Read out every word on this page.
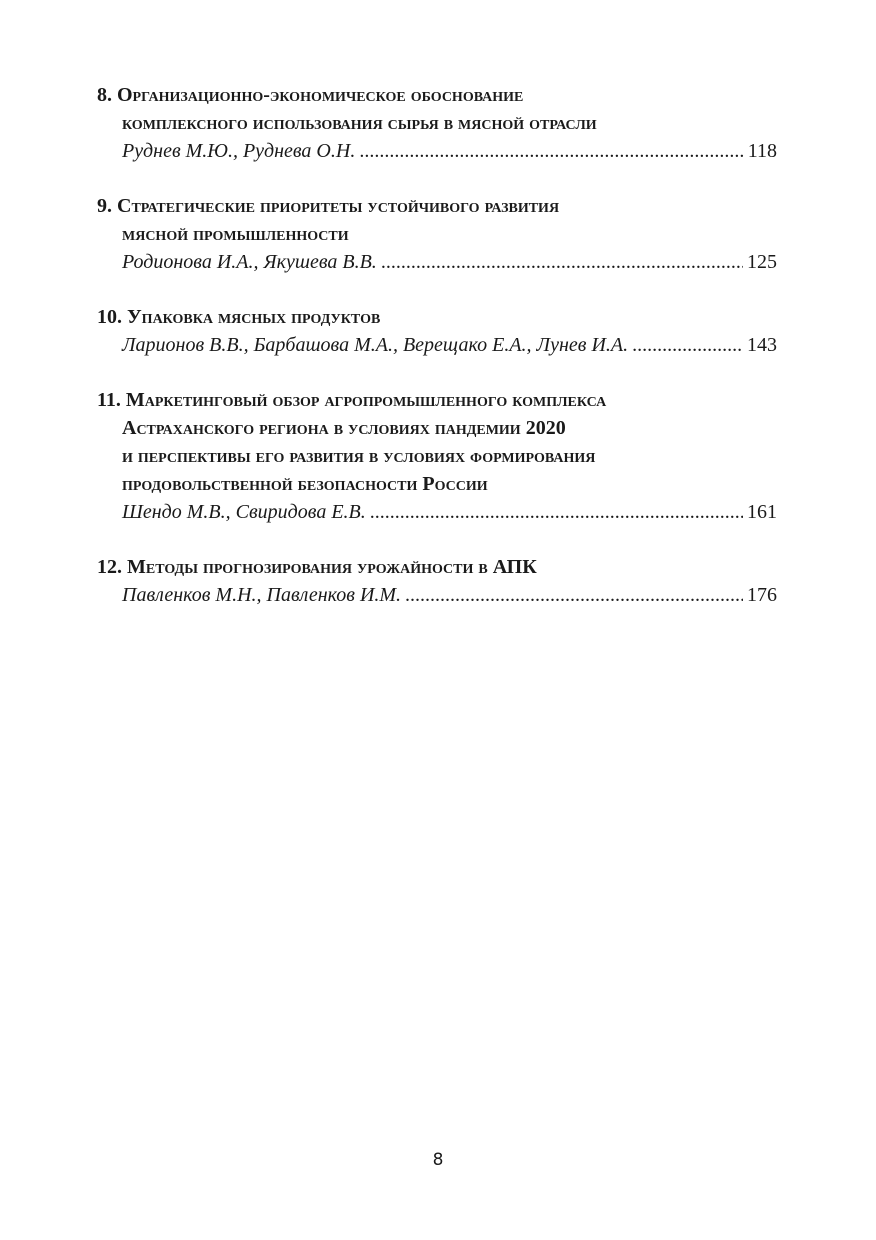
8. Организационно-экономическое обоснование
комплексного использования сырья в мясной отрасли
Руднев М.Ю., Руднева О.Н. .....	118
9. Стратегические приоритеты устойчивого развития
мясной промышленности
Родионова И.А., Якушева В.В. .....	125
10. Упаковка мясных продуктов
Ларионов В.В., Барбашова М.А., Верещако Е.А., Лунев И.А. .....	143
11. Маркетинговый обзор агропромышленного комплекса
Астраханского региона в условиях пандемии 2020
и перспективы его развития в условиях формирования
продовольственной безопасности России
Шендо М.В., Свиридова Е.В. .....	161
12. Методы прогнозирования урожайности в АПК
Павленков М.Н., Павленков И.М. .....	176
8
